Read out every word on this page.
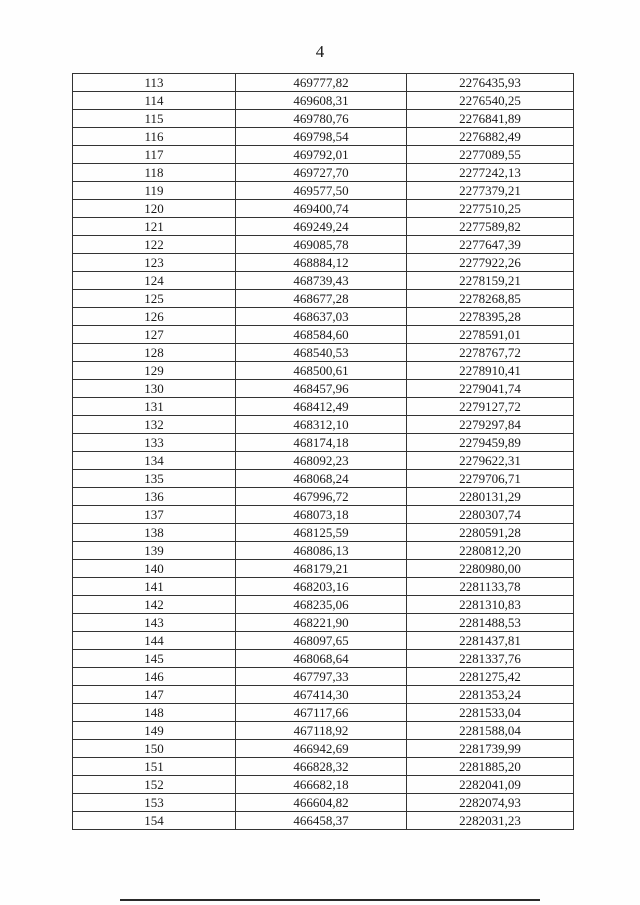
4
113	469777,82	2276435,93
114	469608,31	2276540,25
115	469780,76	2276841,89
116	469798,54	2276882,49
117	469792,01	2277089,55
118	469727,70	2277242,13
119	469577,50	2277379,21
120	469400,74	2277510,25
121	469249,24	2277589,82
122	469085,78	2277647,39
123	468884,12	2277922,26
124	468739,43	2278159,21
125	468677,28	2278268,85
126	468637,03	2278395,28
127	468584,60	2278591,01
128	468540,53	2278767,72
129	468500,61	2278910,41
130	468457,96	2279041,74
131	468412,49	2279127,72
132	468312,10	2279297,84
133	468174,18	2279459,89
134	468092,23	2279622,31
135	468068,24	2279706,71
136	467996,72	2280131,29
137	468073,18	2280307,74
138	468125,59	2280591,28
139	468086,13	2280812,20
140	468179,21	2280980,00
141	468203,16	2281133,78
142	468235,06	2281310,83
143	468221,90	2281488,53
144	468097,65	2281437,81
145	468068,64	2281337,76
146	467797,33	2281275,42
147	467414,30	2281353,24
148	467117,66	2281533,04
149	467118,92	2281588,04
150	466942,69	2281739,99
151	466828,32	2281885,20
152	466682,18	2282041,09
153	466604,82	2282074,93
154	466458,37	2282031,23
